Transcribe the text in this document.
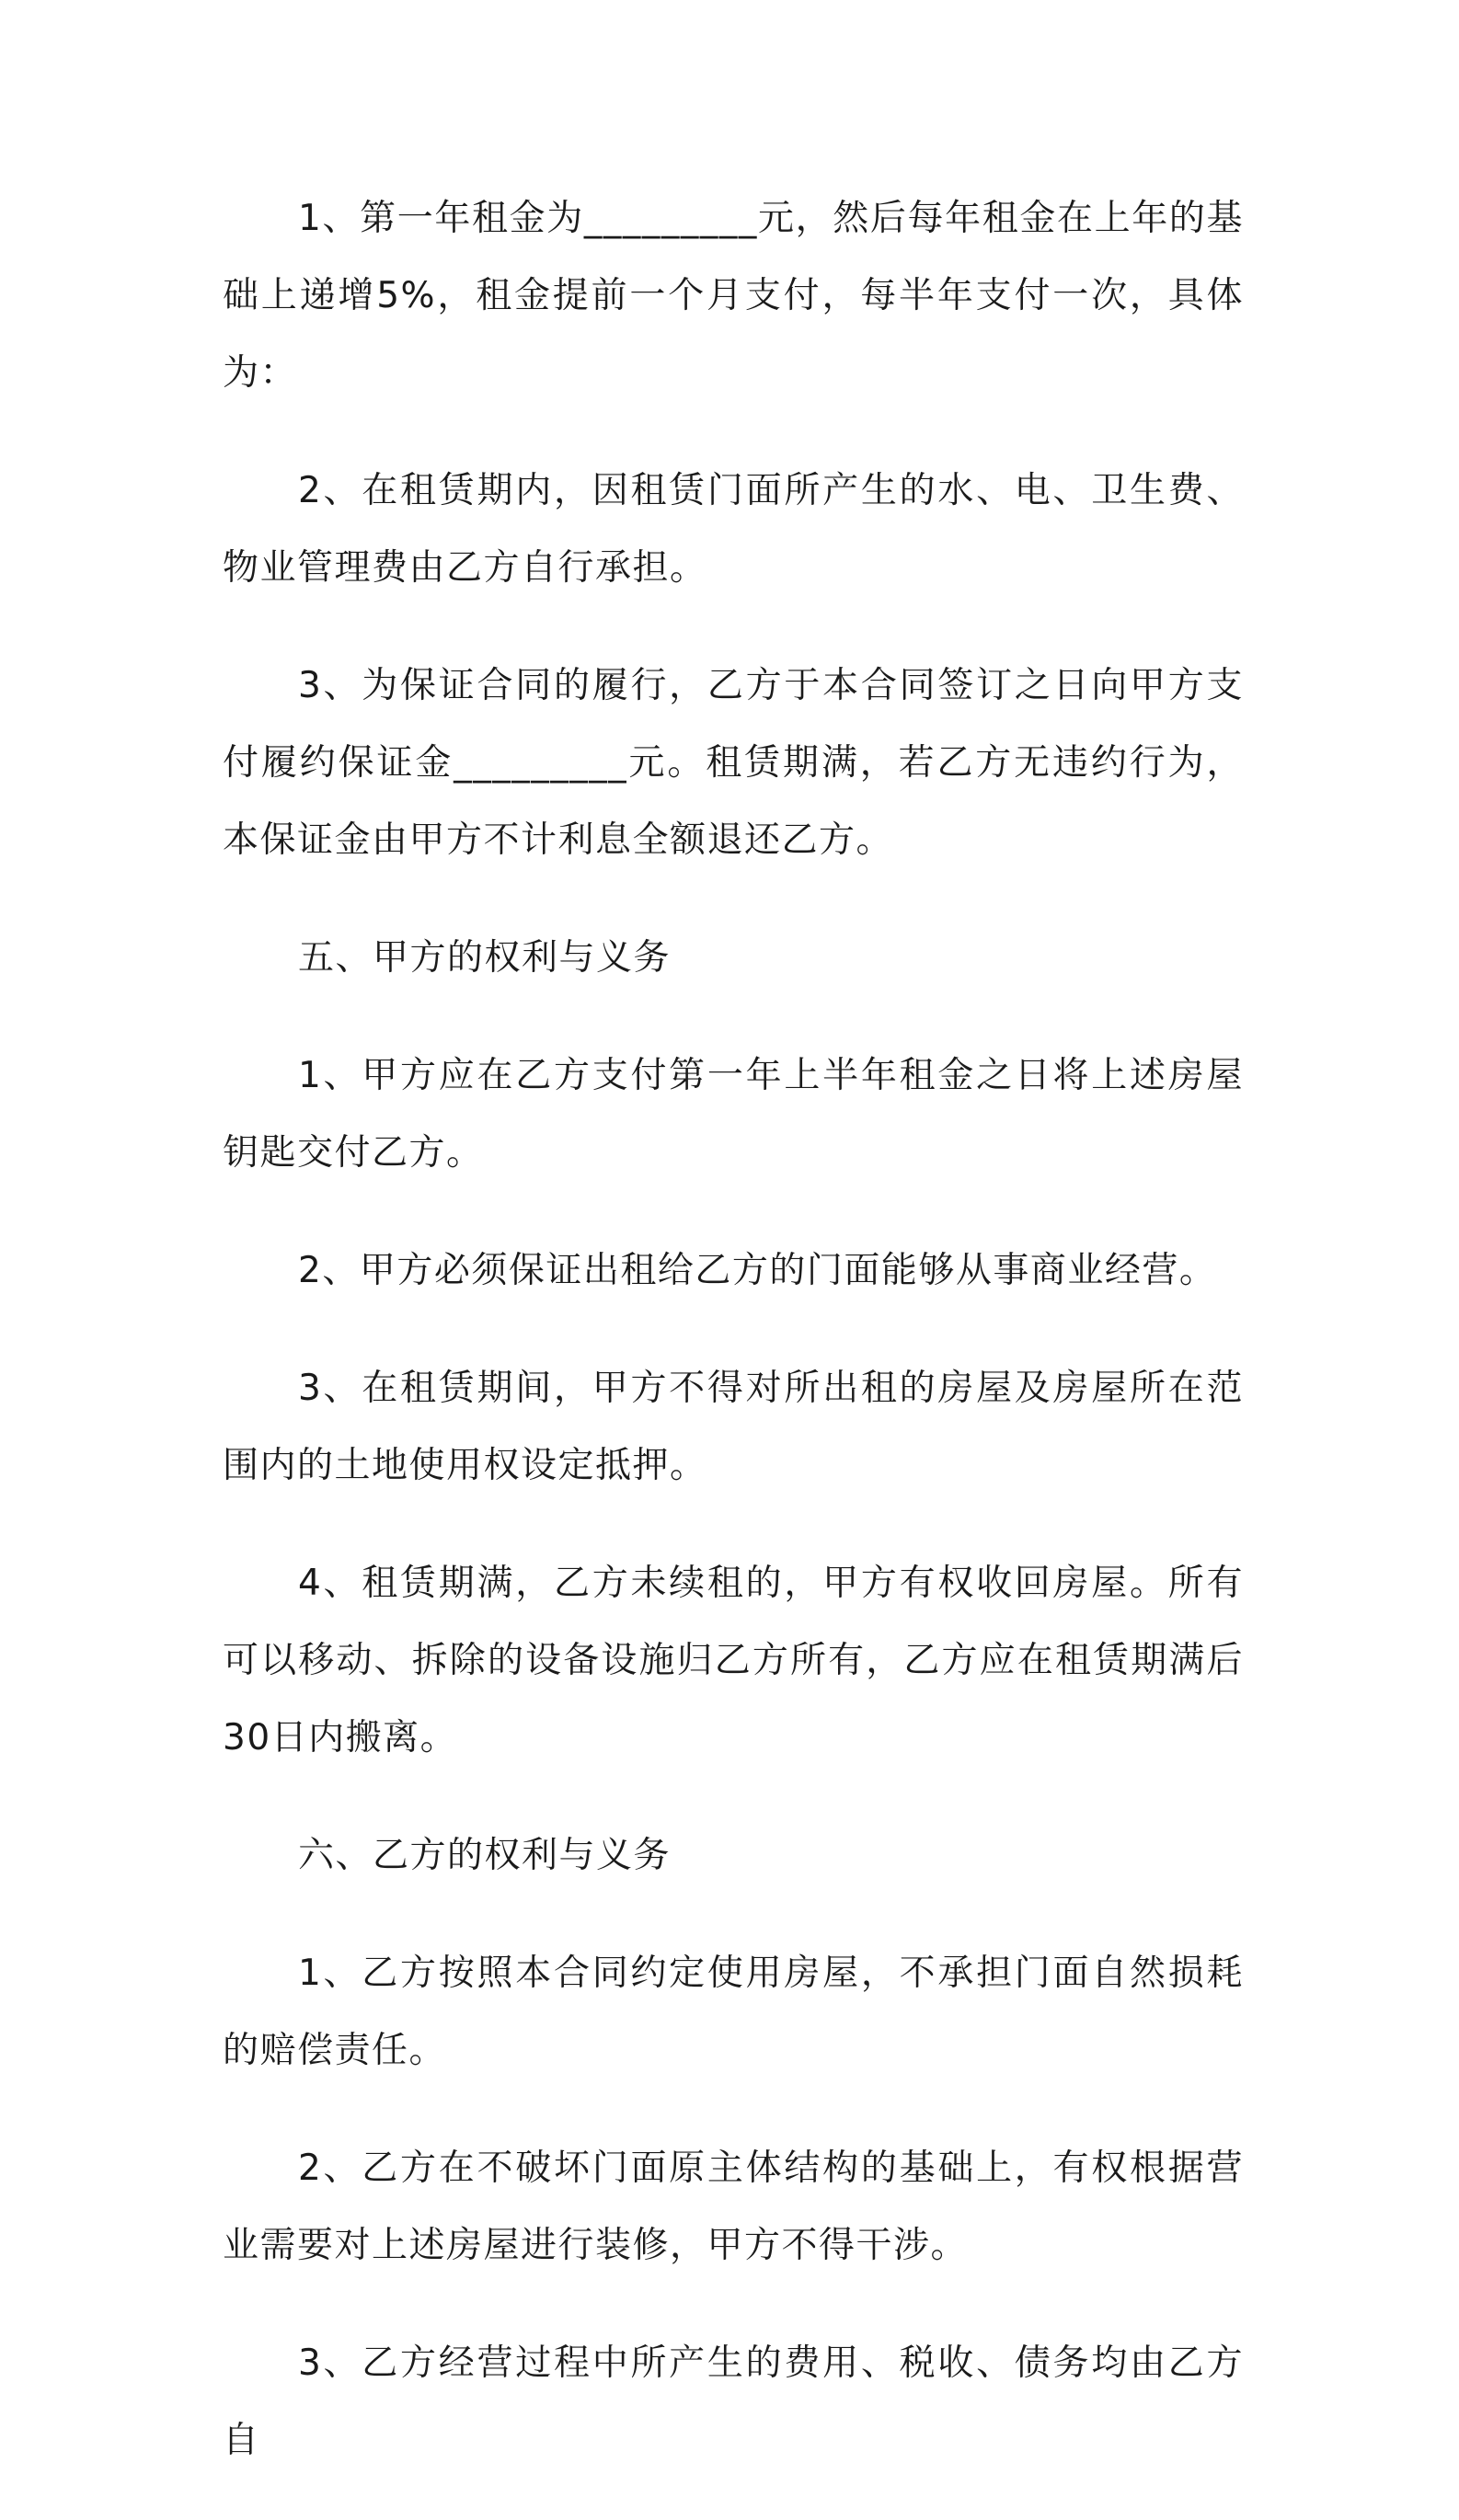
1、第一年租金为_________元，然后每年租金在上年的基础上递增5%，租金提前一个月支付，每半年支付一次，具体为：

2、在租赁期内，因租赁门面所产生的水、电、卫生费、物业管理费由乙方自行承担。

3、为保证合同的履行，乙方于本合同签订之日向甲方支付履约保证金_________元。租赁期满，若乙方无违约行为，本保证金由甲方不计利息全额退还乙方。

五、甲方的权利与义务

1、甲方应在乙方支付第一年上半年租金之日将上述房屋钥匙交付乙方。

2、甲方必须保证出租给乙方的门面能够从事商业经营。

3、在租赁期间，甲方不得对所出租的房屋及房屋所在范围内的土地使用权设定抵押。

4、租赁期满，乙方未续租的，甲方有权收回房屋。所有可以移动、拆除的设备设施归乙方所有，乙方应在租赁期满后30日内搬离。

六、乙方的权利与义务

1、乙方按照本合同约定使用房屋，不承担门面自然损耗的赔偿责任。

2、乙方在不破坏门面原主体结构的基础上，有权根据营业需要对上述房屋进行装修，甲方不得干涉。

3、乙方经营过程中所产生的费用、税收、债务均由乙方自
